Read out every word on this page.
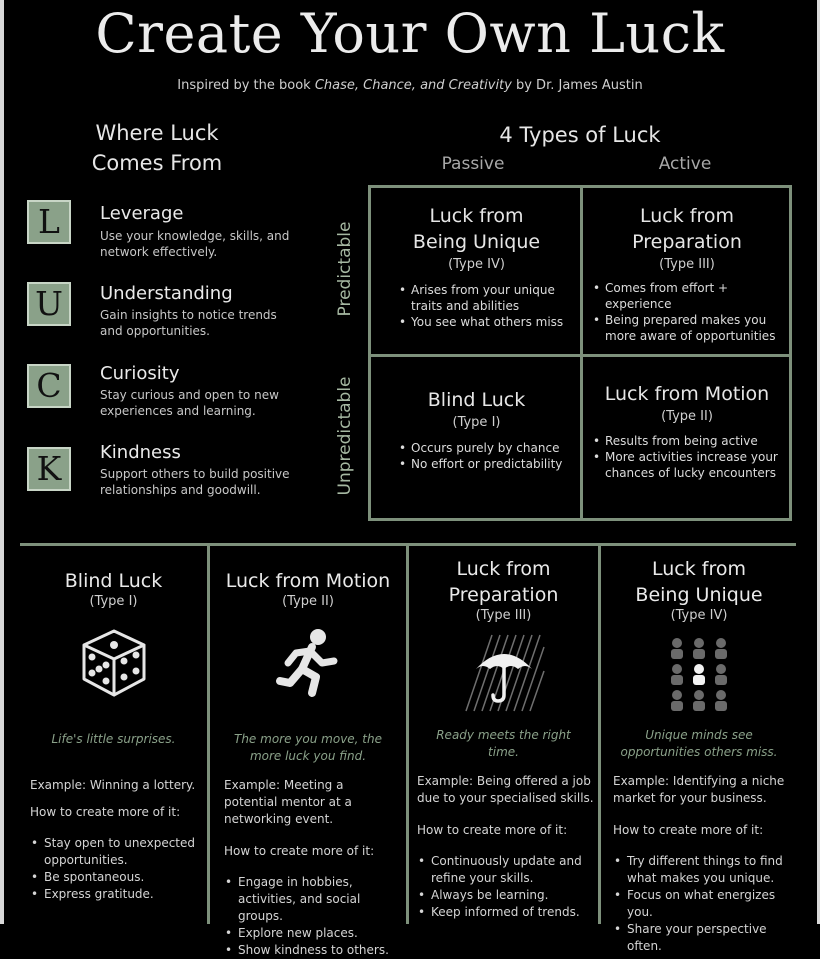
Create Your Own Luck
Inspired by the book Chase, Chance, and Creativity by Dr. James Austin
Where Luck
Comes From
L	Leverage
Use your knowledge, skills, and network effectively.
U	Understanding
Gain insights to notice trends and opportunities.
C	Curiosity
Stay curious and open to new experiences and learning.
K	Kindness
Support others to build positive relationships and goodwill.
4 Types of Luck
Passive	Active
Predictable
Unpredictable
Luck from
Being Unique
(Type IV)
• Arises from your unique traits and abilities
• You see what others miss
Luck from
Preparation
(Type III)
• Comes from effort + experience
• Being prepared makes you more aware of opportunities
Blind Luck
(Type I)
• Occurs purely by chance
• No effort or predictability
Luck from Motion
(Type II)
• Results from being active
• More activities increase your chances of lucky encounters
Blind Luck
(Type I)
Life's little surprises.
Example: Winning a lottery.
How to create more of it:
• Stay open to unexpected opportunities.
• Be spontaneous.
• Express gratitude.
Luck from Motion
(Type II)
The more you move, the more luck you find.
Example: Meeting a potential mentor at a networking event.
How to create more of it:
• Engage in hobbies, activities, and social groups.
• Explore new places.
• Show kindness to others.
Luck from
Preparation
(Type III)
Ready meets the right time.
Example: Being offered a job due to your specialised skills.
How to create more of it:
• Continuously update and refine your skills.
• Always be learning.
• Keep informed of trends.
Luck from
Being Unique
(Type IV)
Unique minds see opportunities others miss.
Example: Identifying a niche market for your business.
How to create more of it:
• Try different things to find what makes you unique.
• Focus on what energizes you.
• Share your perspective often.
